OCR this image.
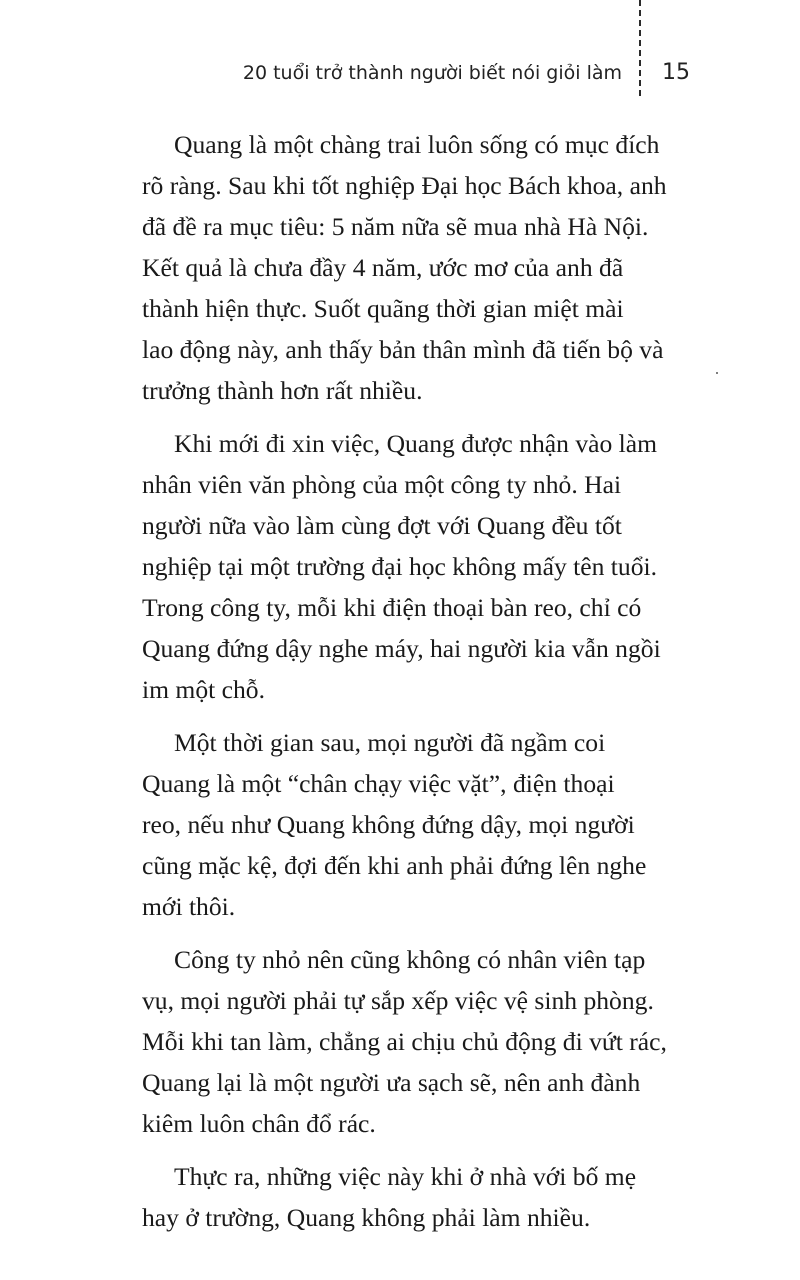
20 tuổi trở thành người biết nói giỏi làm 15

Quang là một chàng trai luôn sống có mục đích
rõ ràng. Sau khi tốt nghiệp Đại học Bách khoa, anh
đã đề ra mục tiêu: 5 năm nữa sẽ mua nhà Hà Nội.
Kết quả là chưa đầy 4 năm, ước mơ của anh đã
thành hiện thực. Suốt quãng thời gian miệt mài
lao động này, anh thấy bản thân mình đã tiến bộ và
trưởng thành hơn rất nhiều.

Khi mới đi xin việc, Quang được nhận vào làm
nhân viên văn phòng của một công ty nhỏ. Hai
người nữa vào làm cùng đợt với Quang đều tốt
nghiệp tại một trường đại học không mấy tên tuổi.
Trong công ty, mỗi khi điện thoại bàn reo, chỉ có
Quang đứng dậy nghe máy, hai người kia vẫn ngồi
im một chỗ.

Một thời gian sau, mọi người đã ngầm coi
Quang là một “chân chạy việc vặt”, điện thoại
reo, nếu như Quang không đứng dậy, mọi người
cũng mặc kệ, đợi đến khi anh phải đứng lên nghe
mới thôi.

Công ty nhỏ nên cũng không có nhân viên tạp
vụ, mọi người phải tự sắp xếp việc vệ sinh phòng.
Mỗi khi tan làm, chẳng ai chịu chủ động đi vứt rác,
Quang lại là một người ưa sạch sẽ, nên anh đành
kiêm luôn chân đổ rác.

Thực ra, những việc này khi ở nhà với bố mẹ
hay ở trường, Quang không phải làm nhiều.
